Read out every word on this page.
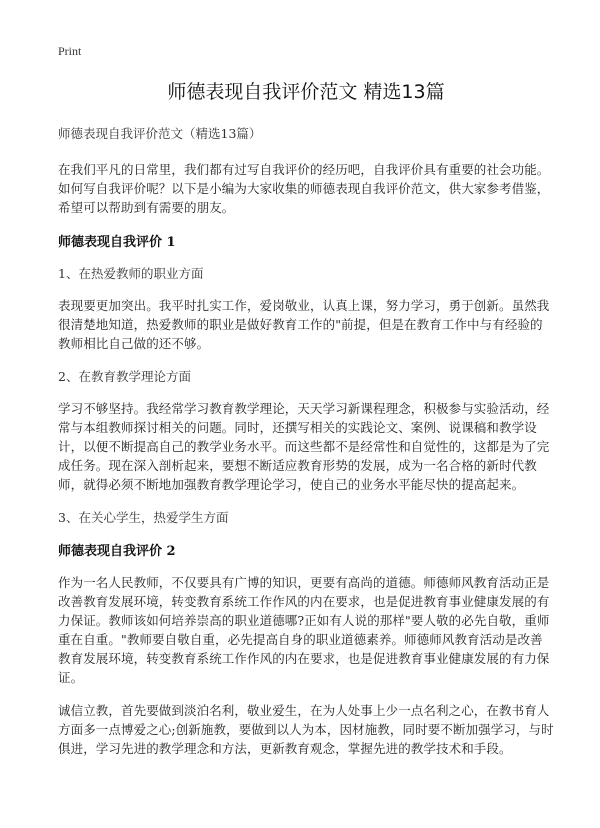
Print
师德表现自我评价范文 精选13篇
师德表现自我评价范文（精选13篇）

在我们平凡的日常里，我们都有过写自我评价的经历吧，自我评价具有重要的社会功能。如何写自我评价呢？以下是小编为大家收集的师德表现自我评价范文，供大家参考借鉴，希望可以帮助到有需要的朋友。

师德表现自我评价 1
1、在热爱教师的职业方面

表现要更加突出。我平时扎实工作，爱岗敬业，认真上课，努力学习，勇于创新。虽然我很清楚地知道，热爱教师的职业是做好教育工作的"前提，但是在教育工作中与有经验的教师相比自己做的还不够。

2、在教育教学理论方面

学习不够坚持。我经常学习教育教学理论，天天学习新课程理念，积极参与实验活动，经常与本组教师探讨相关的问题。同时，还撰写相关的实践论文、案例、说课稿和教学设计，以便不断提高自己的教学业务水平。而这些都不是经常性和自觉性的，这都是为了完成任务。现在深入剖析起来，要想不断适应教育形势的发展，成为一名合格的新时代教师，就得必须不断地加强教育教学理论学习，使自己的业务水平能尽快的提高起来。

3、在关心学生，热爱学生方面
师德表现自我评价 2

作为一名人民教师，不仅要具有广博的知识，更要有高尚的道德。师德师风教育活动正是改善教育发展环境，转变教育系统工作作风的内在要求，也是促进教育事业健康发展的有力保证。教师该如何培养崇高的职业道德哪?正如有人说的那样"要人敬的必先自敬，重师重在自重。"教师要自敬自重，必先提高自身的职业道德素养。师德师风教育活动是改善教育发展环境，转变教育系统工作作风的内在要求，也是促进教育事业健康发展的有力保证。

诚信立教，首先要做到淡泊名利，敬业爱生，在为人处事上少一点名利之心，在教书育人方面多一点博爱之心;创新施教，要做到以人为本，因材施教，同时要不断加强学习，与时俱进，学习先进的教学理念和方法，更新教育观念，掌握先进的教学技术和手段。
